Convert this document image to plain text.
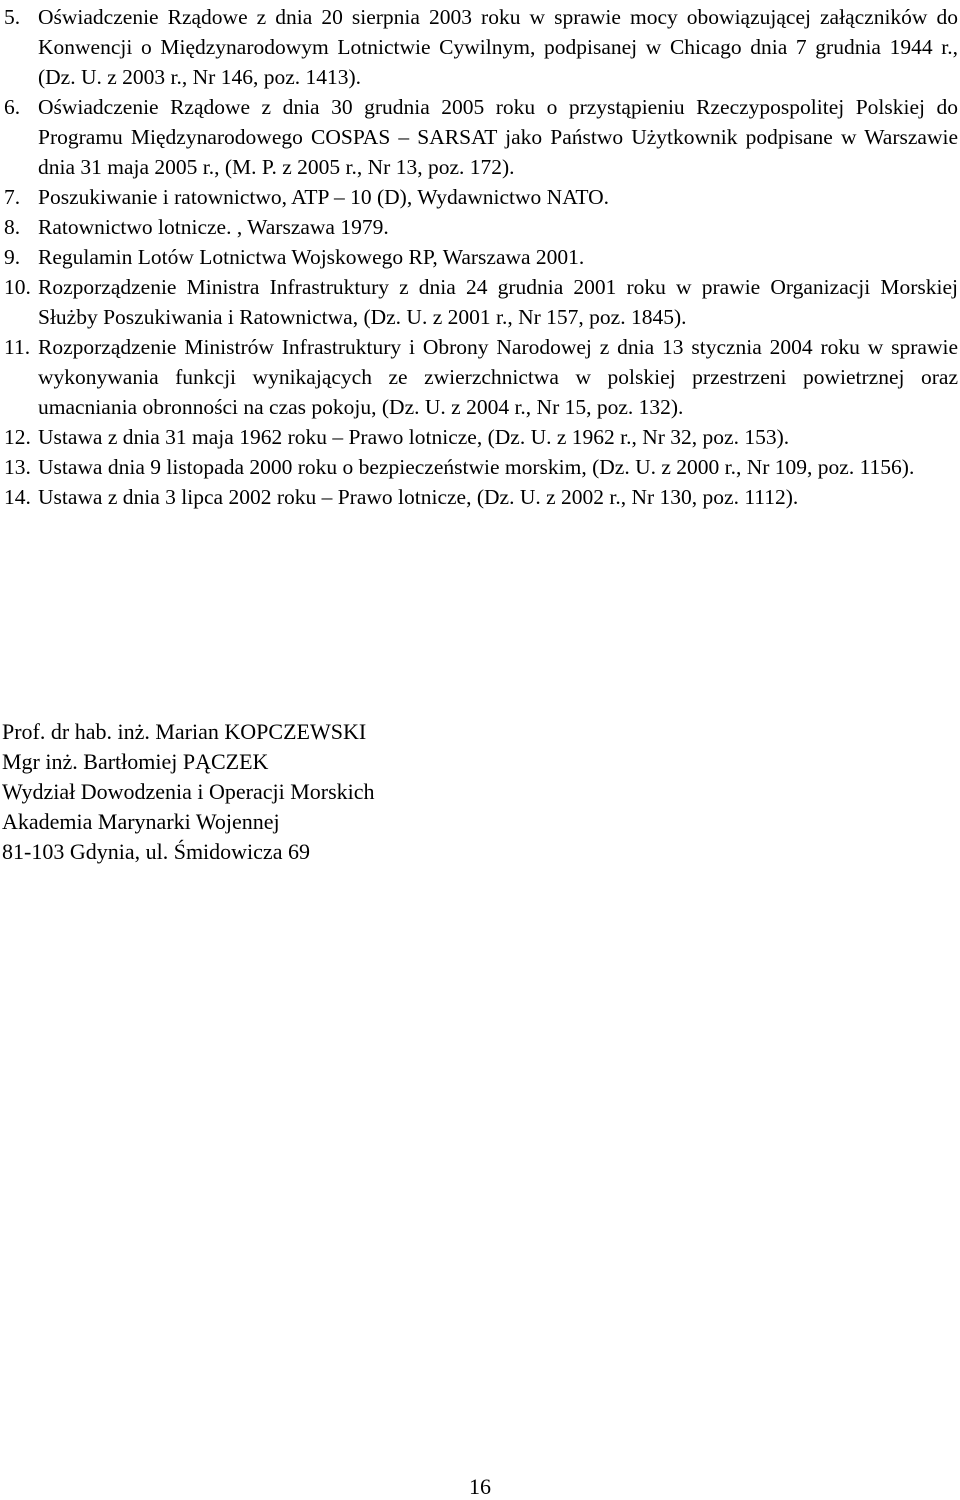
5. Oświadczenie Rządowe z dnia 20 sierpnia 2003 roku w sprawie mocy obowiązującej załączników do Konwencji o Międzynarodowym Lotnictwie Cywilnym, podpisanej w Chicago dnia 7 grudnia 1944 r., (Dz. U. z 2003 r., Nr 146, poz. 1413).
6. Oświadczenie Rządowe z dnia 30 grudnia 2005 roku o przystąpieniu Rzeczypospolitej Polskiej do Programu Międzynarodowego COSPAS – SARSAT jako Państwo Użytkownik podpisane w Warszawie dnia 31 maja 2005 r., (M. P. z 2005 r., Nr 13, poz. 172).
7. Poszukiwanie i ratownictwo, ATP – 10 (D), Wydawnictwo NATO.
8. Ratownictwo lotnicze. , Warszawa 1979.
9. Regulamin Lotów Lotnictwa Wojskowego RP, Warszawa 2001.
10. Rozporządzenie Ministra Infrastruktury z dnia 24 grudnia 2001 roku w prawie Organizacji Morskiej Służby Poszukiwania i Ratownictwa, (Dz. U. z 2001 r., Nr 157, poz. 1845).
11. Rozporządzenie Ministrów Infrastruktury i Obrony Narodowej z dnia 13 stycznia 2004 roku w sprawie wykonywania funkcji wynikających ze zwierzchnictwa w polskiej przestrzeni powietrznej oraz umacniania obronności na czas pokoju, (Dz. U. z 2004 r., Nr 15, poz. 132).
12. Ustawa z dnia 31 maja 1962 roku – Prawo lotnicze, (Dz. U. z 1962 r., Nr 32, poz. 153).
13. Ustawa dnia 9 listopada 2000 roku o bezpieczeństwie morskim, (Dz. U. z 2000 r., Nr 109, poz. 1156).
14. Ustawa z dnia 3 lipca 2002 roku – Prawo lotnicze, (Dz. U. z 2002 r., Nr 130, poz. 1112).
Prof. dr hab. inż. Marian KOPCZEWSKI
Mgr inż. Bartłomiej PĄCZEK
Wydział Dowodzenia i Operacji Morskich
Akademia Marynarki Wojennej
81-103 Gdynia, ul. Śmidowicza 69
16
